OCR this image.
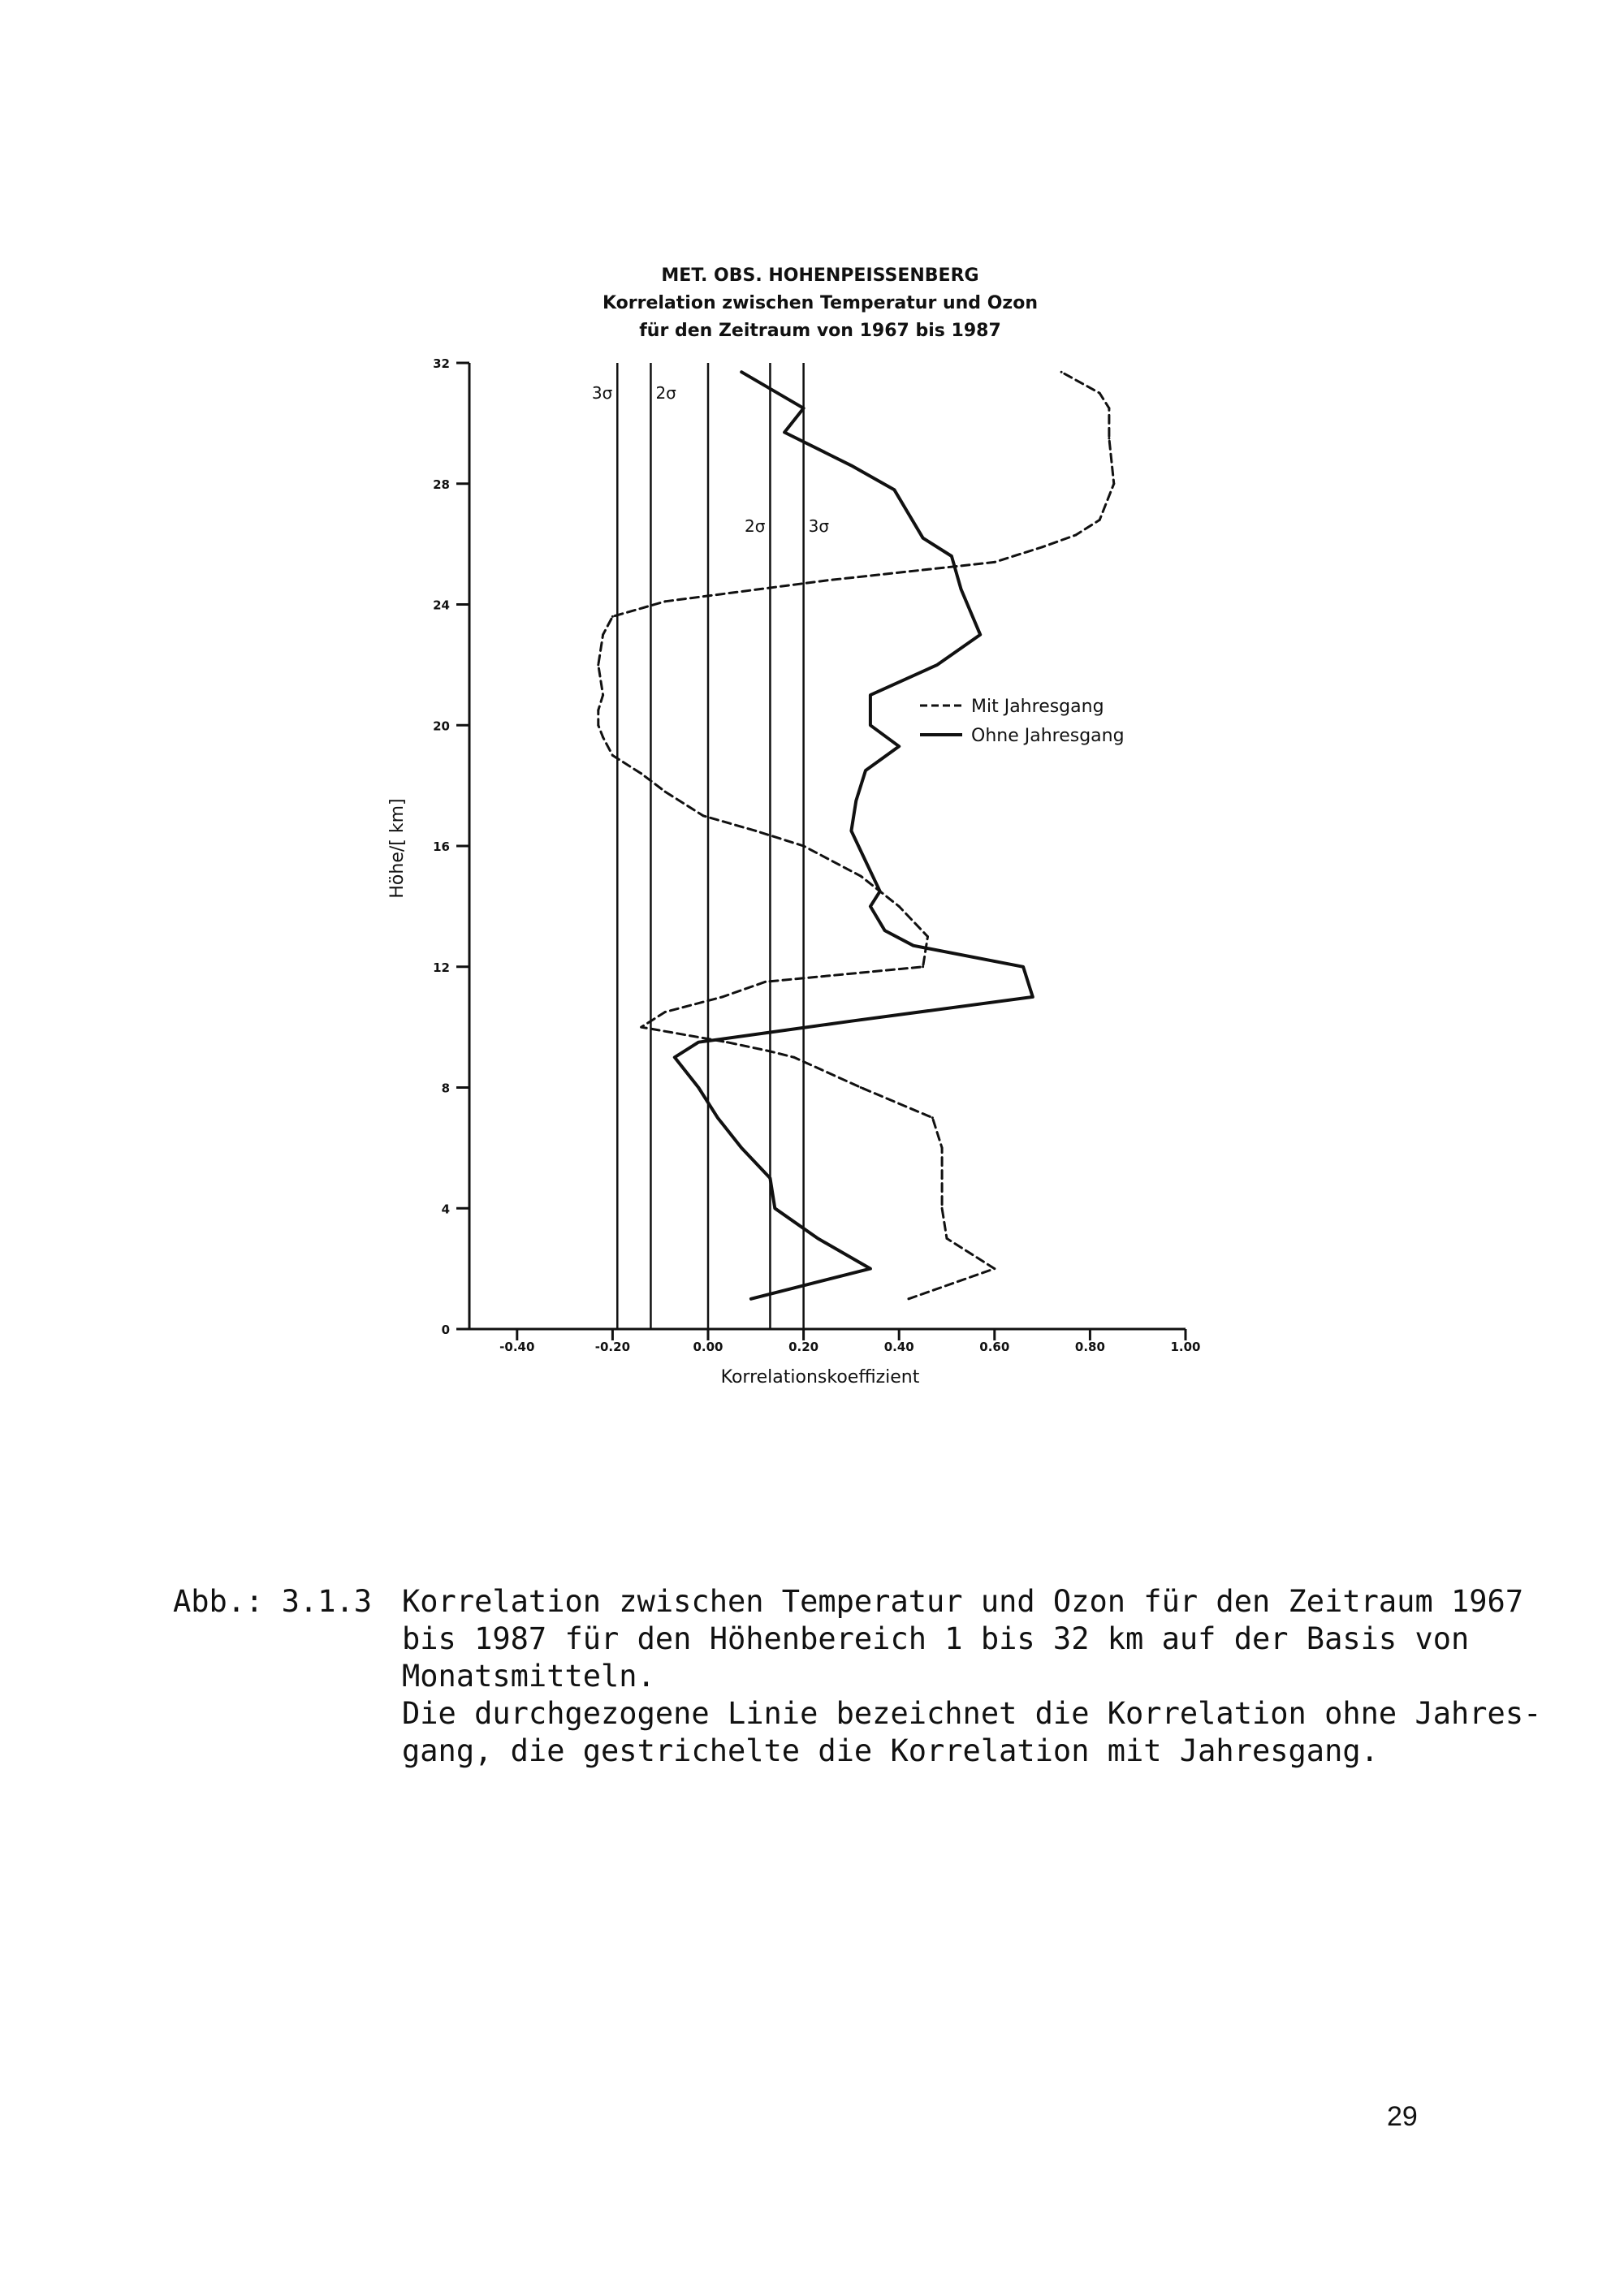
MET. OBS. HOHENPEISSENBERG
Korrelation zwischen Temperatur und Ozon
für den Zeitraum von 1967 bis 1987
0
4
8
12
16
20
24
28
32
-0.40	-0.20	0.00	0.20	0.40	0.60	0.80	1.00
3σ	2σ
2σ	3σ
Korrelationskoeffizient
Höhe/[ km]
Mit Jahresgang
Ohne Jahresgang
Abb.: 3.1.3 Korrelation zwischen Temperatur und Ozon für den Zeitraum 1967
bis 1987 für den Höhenbereich 1 bis 32 km auf der Basis von
Monatsmitteln.
Die durchgezogene Linie bezeichnet die Korrelation ohne Jahres-
gang, die gestrichelte die Korrelation mit Jahresgang.
29
